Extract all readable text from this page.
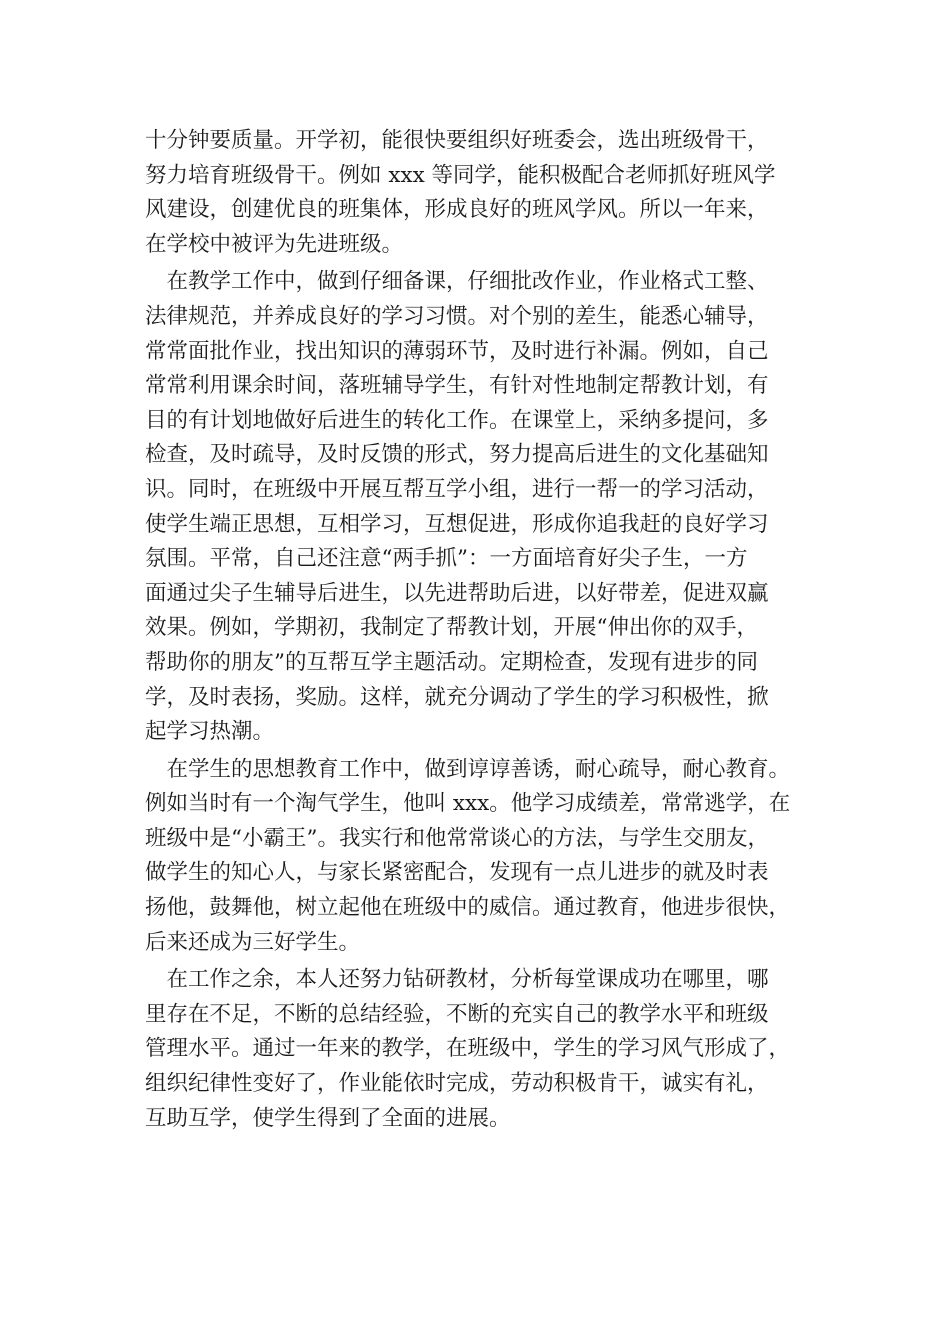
十分钟要质量。开学初，能很快要组织好班委会，选出班级骨干，
努力培育班级骨干。例如 xxx 等同学，能积极配合老师抓好班风学
风建设，创建优良的班集体，形成良好的班风学风。所以一年来，
在学校中被评为先进班级。
　在教学工作中，做到仔细备课，仔细批改作业，作业格式工整、
法律规范，并养成良好的学习习惯。对个别的差生，能悉心辅导，
常常面批作业，找出知识的薄弱环节，及时进行补漏。例如，自己
常常利用课余时间，落班辅导学生，有针对性地制定帮教计划，有
目的有计划地做好后进生的转化工作。在课堂上，采纳多提问，多
检查，及时疏导，及时反馈的形式，努力提高后进生的文化基础知
识。同时，在班级中开展互帮互学小组，进行一帮一的学习活动，
使学生端正思想，互相学习，互想促进，形成你追我赶的良好学习
氛围。平常，自己还注意“两手抓”：一方面培育好尖子生，一方
面通过尖子生辅导后进生，以先进帮助后进，以好带差，促进双赢
效果。例如，学期初，我制定了帮教计划，开展“伸出你的双手，
帮助你的朋友”的互帮互学主题活动。定期检查，发现有进步的同
学，及时表扬，奖励。这样，就充分调动了学生的学习积极性，掀
起学习热潮。
　在学生的思想教育工作中，做到谆谆善诱，耐心疏导，耐心教育。
例如当时有一个淘气学生，他叫 xxx。他学习成绩差，常常逃学，在
班级中是“小霸王”。我实行和他常常谈心的方法，与学生交朋友，
做学生的知心人，与家长紧密配合，发现有一点儿进步的就及时表
扬他，鼓舞他，树立起他在班级中的威信。通过教育，他进步很快，
后来还成为三好学生。
　在工作之余，本人还努力钻研教材，分析每堂课成功在哪里，哪
里存在不足，不断的总结经验，不断的充实自己的教学水平和班级
管理水平。通过一年来的教学，在班级中，学生的学习风气形成了，
组织纪律性变好了，作业能依时完成，劳动积极肯干，诚实有礼，
互助互学，使学生得到了全面的进展。
